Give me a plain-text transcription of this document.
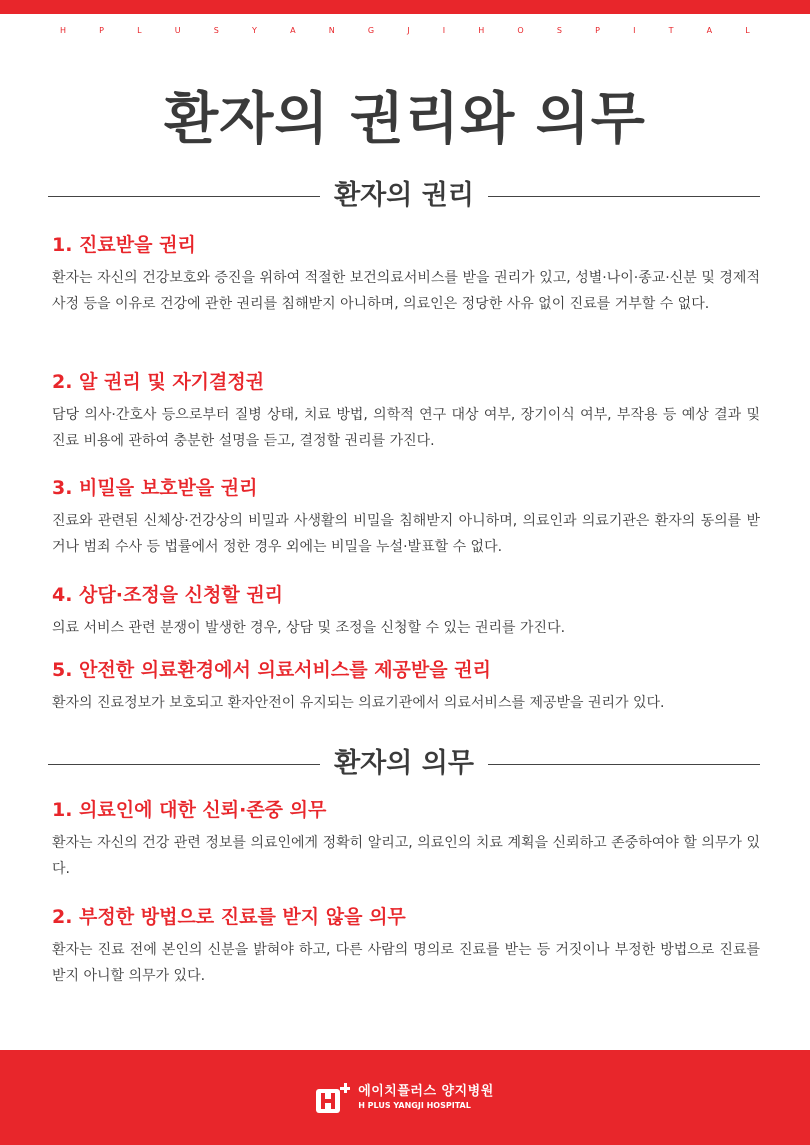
H	P	L	U	S	Y	A	N	G	J	I	H	O	S	P	I	T	A	L
환자의 권리와 의무
환자의 권리
1. 진료받을 권리
환자는 자신의 건강보호와 증진을 위하여 적절한 보건의료서비스를 받을 권리가 있고, 성별·나이·종교·신분 및 경제적 사정 등을 이유로 건강에 관한 권리를 침해받지 아니하며, 의료인은 정당한 사유 없이 진료를 거부할 수 없다.
2. 알 권리 및 자기결정권
담당 의사·간호사 등으로부터 질병 상태, 치료 방법, 의학적 연구 대상 여부, 장기이식 여부, 부작용 등 예상 결과 및 진료 비용에 관하여 충분한 설명을 듣고, 결정할 권리를 가진다.
3. 비밀을 보호받을 권리
진료와 관련된 신체상·건강상의 비밀과 사생활의 비밀을 침해받지 아니하며, 의료인과 의료기관은 환자의 동의를 받거나 범죄 수사 등 법률에서 정한 경우 외에는 비밀을 누설·발표할 수 없다.
4. 상담·조정을 신청할 권리
의료 서비스 관련 분쟁이 발생한 경우, 상담 및 조정을 신청할 수 있는 권리를 가진다.
5. 안전한 의료환경에서 의료서비스를 제공받을 권리
환자의 진료정보가 보호되고 환자안전이 유지되는 의료기관에서 의료서비스를 제공받을 권리가 있다.
환자의 의무
1. 의료인에 대한 신뢰·존중 의무
환자는 자신의 건강 관련 정보를 의료인에게 정확히 알리고, 의료인의 치료 계획을 신뢰하고 존중하여야 할 의무가 있다.
2. 부정한 방법으로 진료를 받지 않을 의무
환자는 진료 전에 본인의 신분을 밝혀야 하고, 다른 사람의 명의로 진료를 받는 등 거짓이나 부정한 방법으로 진료를 받지 아니할 의무가 있다.
에이치플러스 양지병원
H PLUS YANGJI HOSPITAL
